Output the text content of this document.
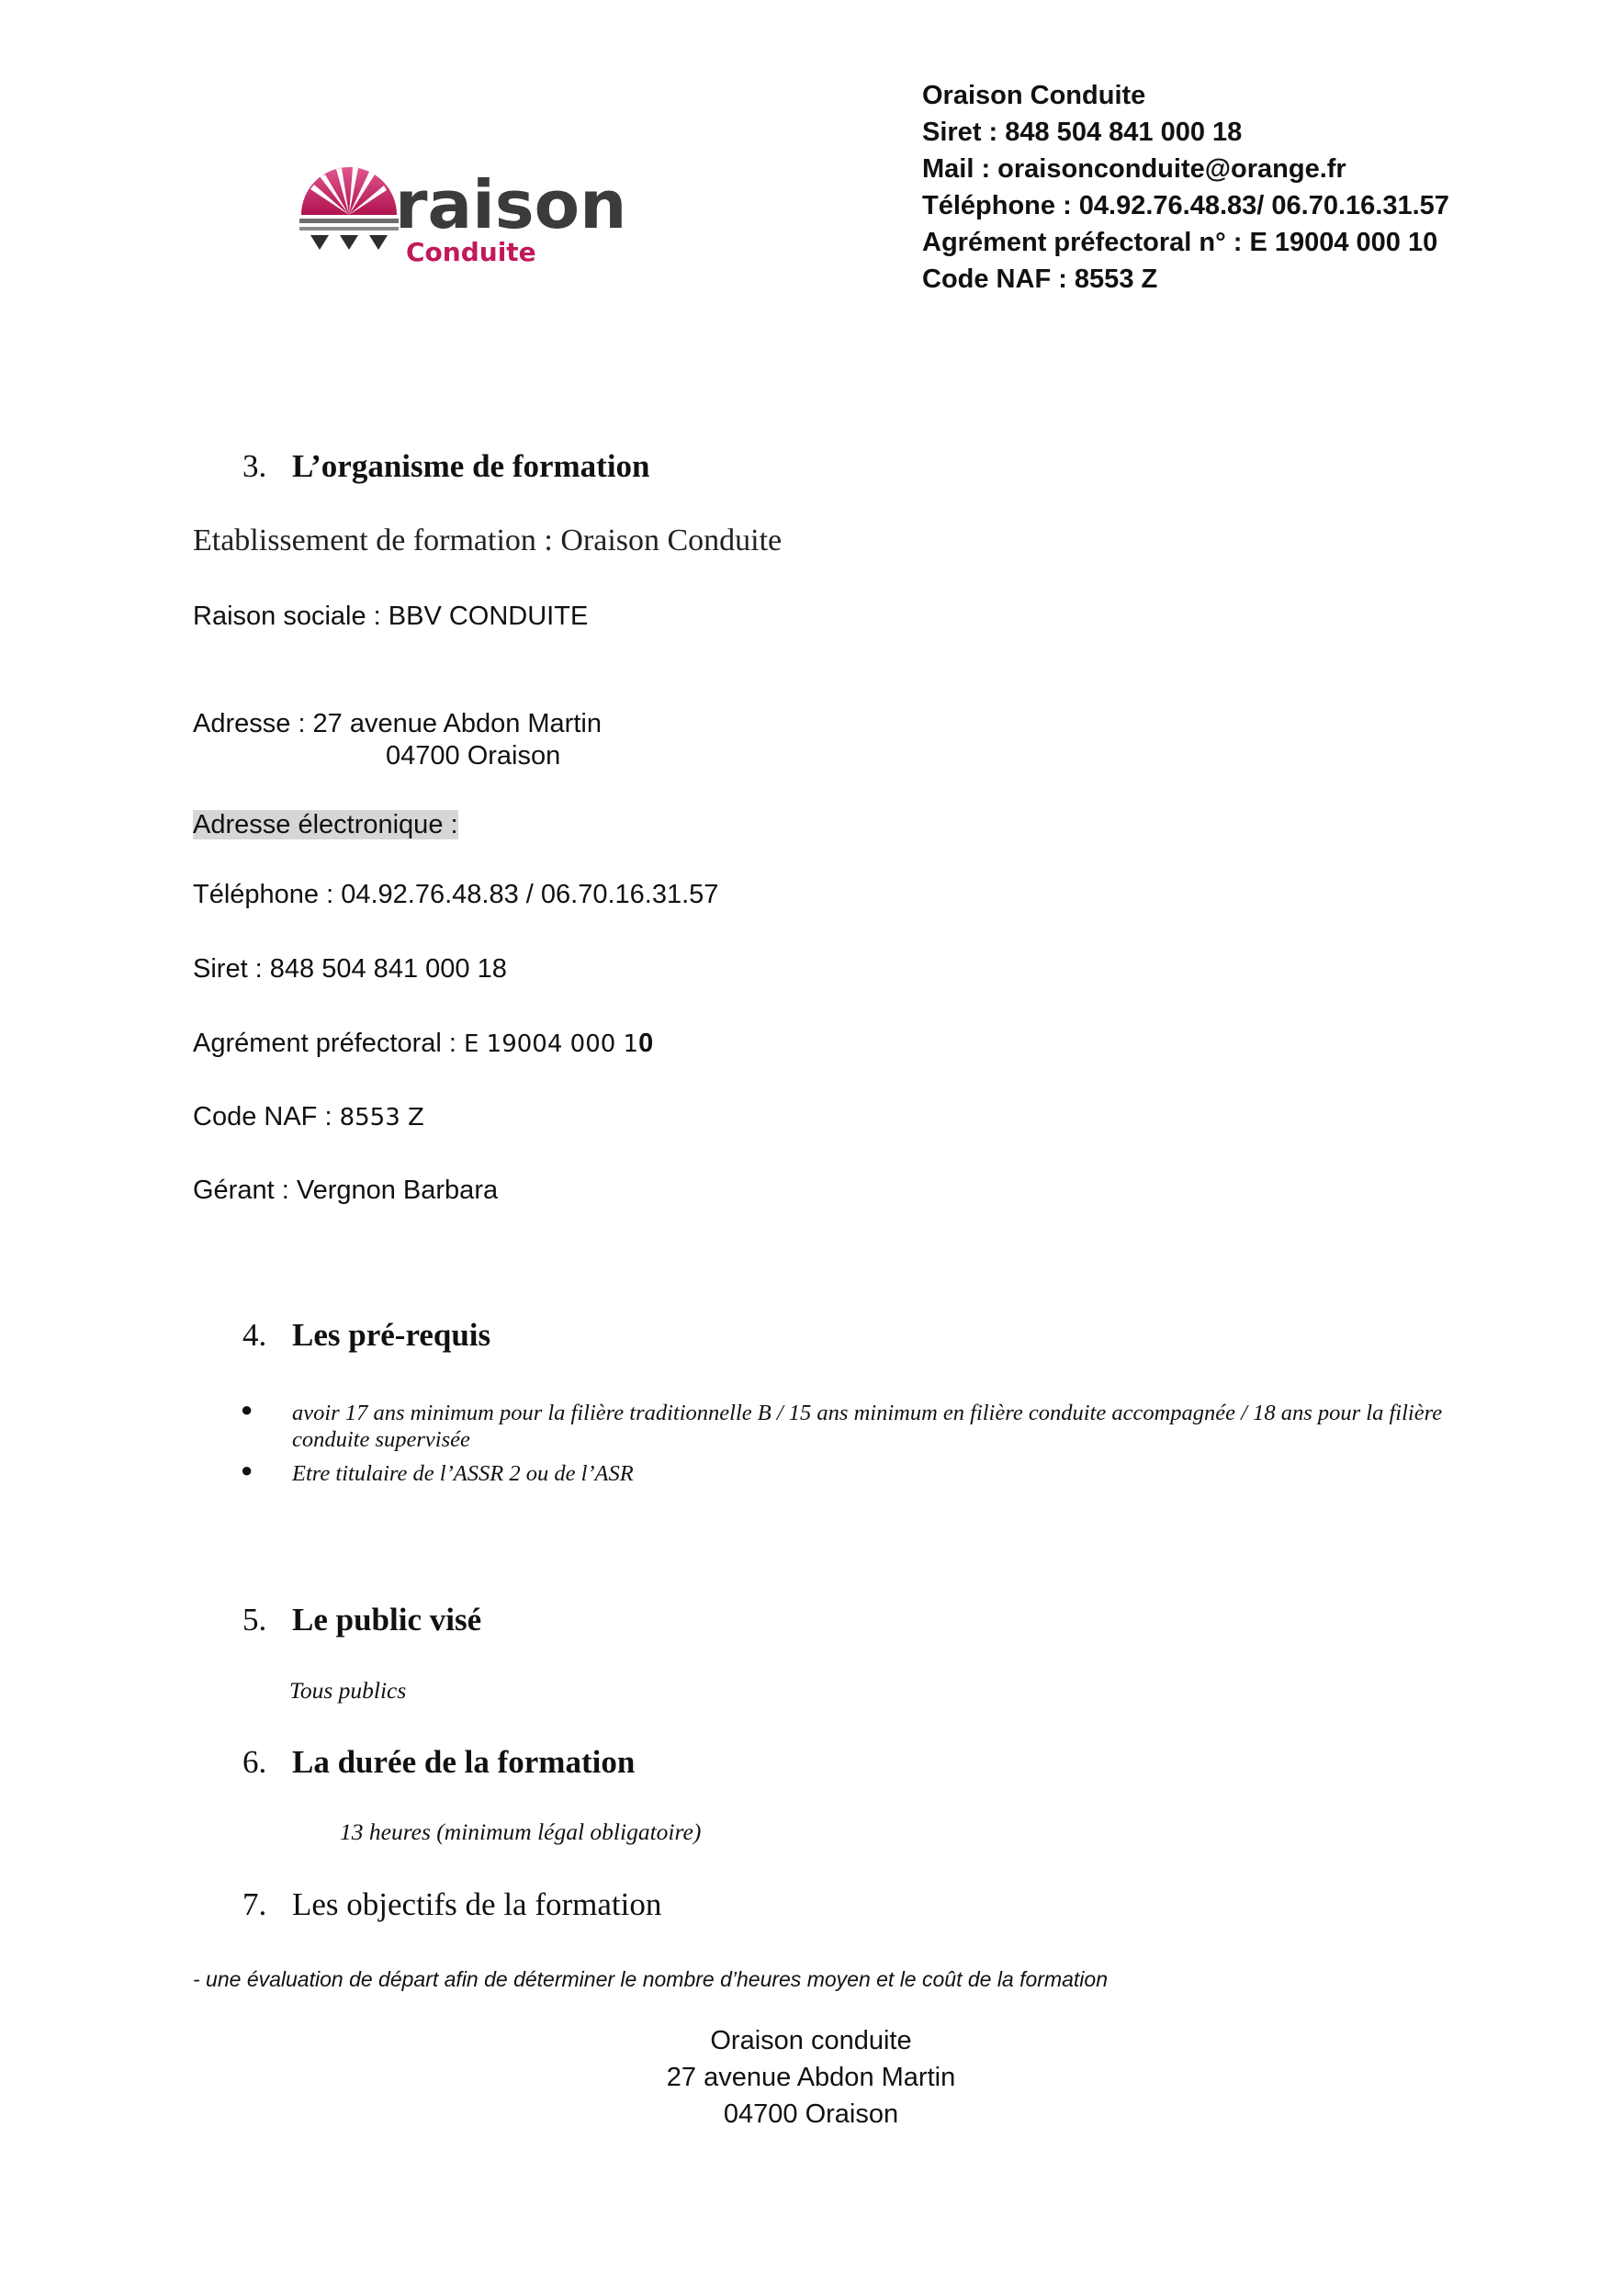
raison
Conduite
Oraison Conduite
Siret : 848 504 841 000 18
Mail : oraisonconduite@orange.fr
Téléphone : 04.92.76.48.83/ 06.70.16.31.57
Agrément préfectoral n° : E 19004 000 10
Code NAF : 8553 Z
3. L’organisme de formation
Etablissement de formation : Oraison Conduite
Raison sociale : BBV CONDUITE
Adresse : 27 avenue Abdon Martin
04700 Oraison
Adresse électronique :
Téléphone : 04.92.76.48.83 / 06.70.16.31.57
Siret : 848 504 841 000 18
Agrément préfectoral : E 19004 000 10
Code NAF : 8553 Z
Gérant : Vergnon Barbara
4. Les pré-requis
● avoir 17 ans minimum pour la filière traditionnelle B / 15 ans minimum en filière conduite accompagnée / 18 ans pour la filière conduite supervisée
● Etre titulaire de l’ASSR 2 ou de l’ASR
5. Le public visé
Tous publics
6. La durée de la formation
13 heures (minimum légal obligatoire)
7. Les objectifs de la formation
- une évaluation de départ afin de déterminer le nombre d’heures moyen et le coût de la formation
Oraison conduite
27 avenue Abdon Martin
04700 Oraison
